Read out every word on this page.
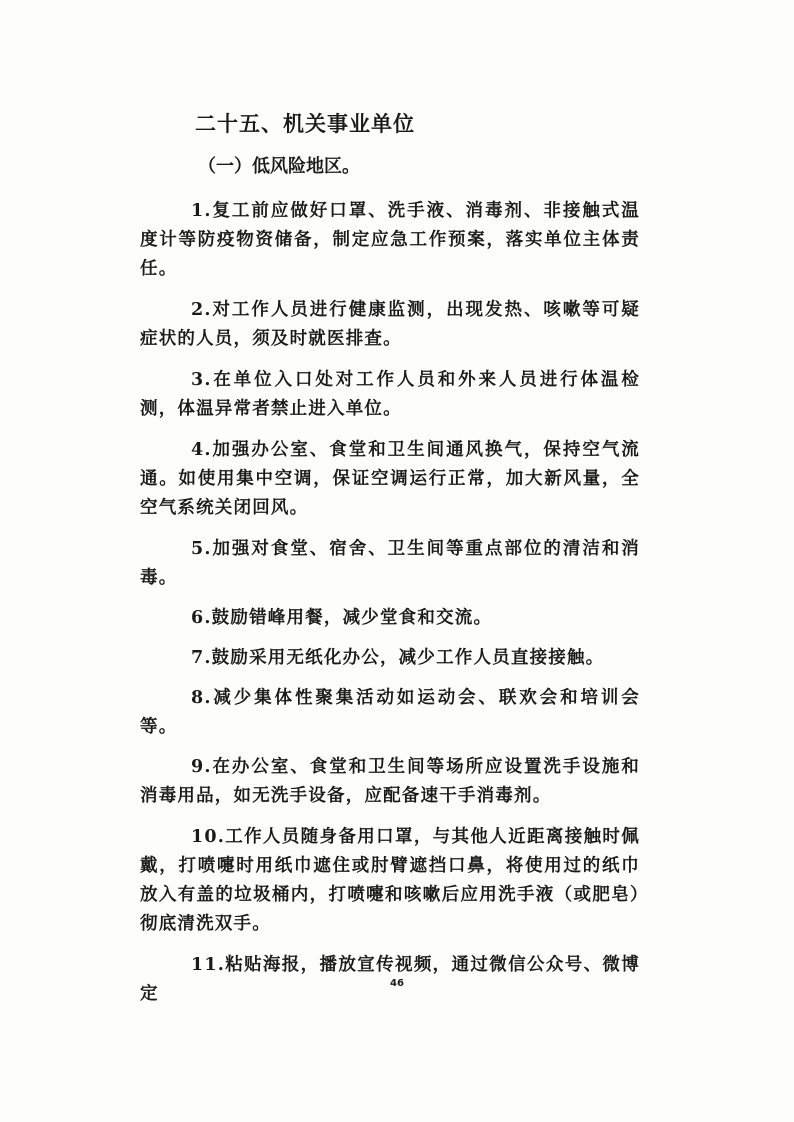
二十五、机关事业单位
（一）低风险地区。

1.复工前应做好口罩、洗手液、消毒剂、非接触式温度计等防疫物资储备，制定应急工作预案，落实单位主体责任。

2.对工作人员进行健康监测，出现发热、咳嗽等可疑症状的人员，须及时就医排查。

3.在单位入口处对工作人员和外来人员进行体温检测，体温异常者禁止进入单位。

4.加强办公室、食堂和卫生间通风换气，保持空气流通。如使用集中空调，保证空调运行正常，加大新风量，全空气系统关闭回风。

5.加强对食堂、宿舍、卫生间等重点部位的清洁和消毒。

6.鼓励错峰用餐，减少堂食和交流。

7.鼓励采用无纸化办公，减少工作人员直接接触。

8.减少集体性聚集活动如运动会、联欢会和培训会等。

9.在办公室、食堂和卫生间等场所应设置洗手设施和消毒用品，如无洗手设备，应配备速干手消毒剂。

10.工作人员随身备用口罩，与其他人近距离接触时佩戴，打喷嚏时用纸巾遮住或肘臂遮挡口鼻，将使用过的纸巾放入有盖的垃圾桶内，打喷嚏和咳嗽后应用洗手液（或肥皂）彻底清洗双手。

11.粘贴海报，播放宣传视频，通过微信公众号、微博定

46
